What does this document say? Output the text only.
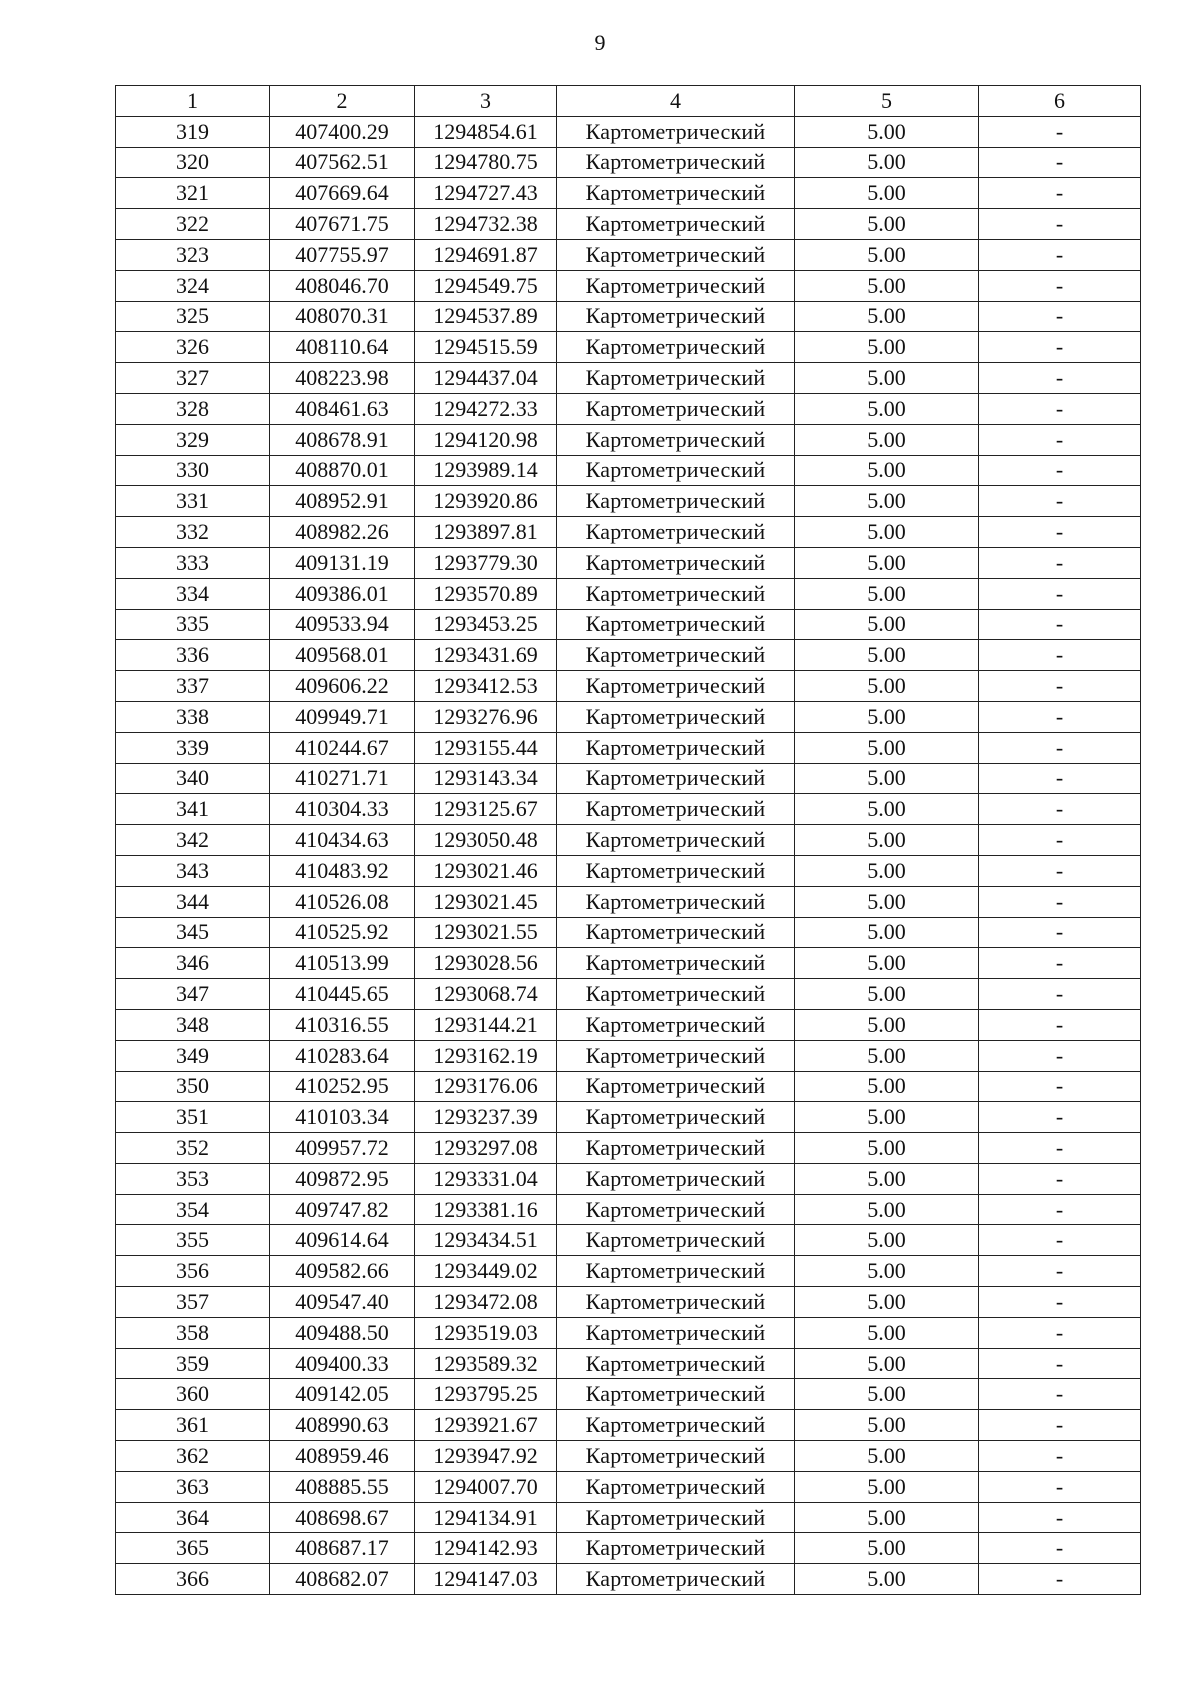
9
1	2	3	4	5	6
319	407400.29	1294854.61	Картометрический	5.00	-
320	407562.51	1294780.75	Картометрический	5.00	-
321	407669.64	1294727.43	Картометрический	5.00	-
322	407671.75	1294732.38	Картометрический	5.00	-
323	407755.97	1294691.87	Картометрический	5.00	-
324	408046.70	1294549.75	Картометрический	5.00	-
325	408070.31	1294537.89	Картометрический	5.00	-
326	408110.64	1294515.59	Картометрический	5.00	-
327	408223.98	1294437.04	Картометрический	5.00	-
328	408461.63	1294272.33	Картометрический	5.00	-
329	408678.91	1294120.98	Картометрический	5.00	-
330	408870.01	1293989.14	Картометрический	5.00	-
331	408952.91	1293920.86	Картометрический	5.00	-
332	408982.26	1293897.81	Картометрический	5.00	-
333	409131.19	1293779.30	Картометрический	5.00	-
334	409386.01	1293570.89	Картометрический	5.00	-
335	409533.94	1293453.25	Картометрический	5.00	-
336	409568.01	1293431.69	Картометрический	5.00	-
337	409606.22	1293412.53	Картометрический	5.00	-
338	409949.71	1293276.96	Картометрический	5.00	-
339	410244.67	1293155.44	Картометрический	5.00	-
340	410271.71	1293143.34	Картометрический	5.00	-
341	410304.33	1293125.67	Картометрический	5.00	-
342	410434.63	1293050.48	Картометрический	5.00	-
343	410483.92	1293021.46	Картометрический	5.00	-
344	410526.08	1293021.45	Картометрический	5.00	-
345	410525.92	1293021.55	Картометрический	5.00	-
346	410513.99	1293028.56	Картометрический	5.00	-
347	410445.65	1293068.74	Картометрический	5.00	-
348	410316.55	1293144.21	Картометрический	5.00	-
349	410283.64	1293162.19	Картометрический	5.00	-
350	410252.95	1293176.06	Картометрический	5.00	-
351	410103.34	1293237.39	Картометрический	5.00	-
352	409957.72	1293297.08	Картометрический	5.00	-
353	409872.95	1293331.04	Картометрический	5.00	-
354	409747.82	1293381.16	Картометрический	5.00	-
355	409614.64	1293434.51	Картометрический	5.00	-
356	409582.66	1293449.02	Картометрический	5.00	-
357	409547.40	1293472.08	Картометрический	5.00	-
358	409488.50	1293519.03	Картометрический	5.00	-
359	409400.33	1293589.32	Картометрический	5.00	-
360	409142.05	1293795.25	Картометрический	5.00	-
361	408990.63	1293921.67	Картометрический	5.00	-
362	408959.46	1293947.92	Картометрический	5.00	-
363	408885.55	1294007.70	Картометрический	5.00	-
364	408698.67	1294134.91	Картометрический	5.00	-
365	408687.17	1294142.93	Картометрический	5.00	-
366	408682.07	1294147.03	Картометрический	5.00	-
